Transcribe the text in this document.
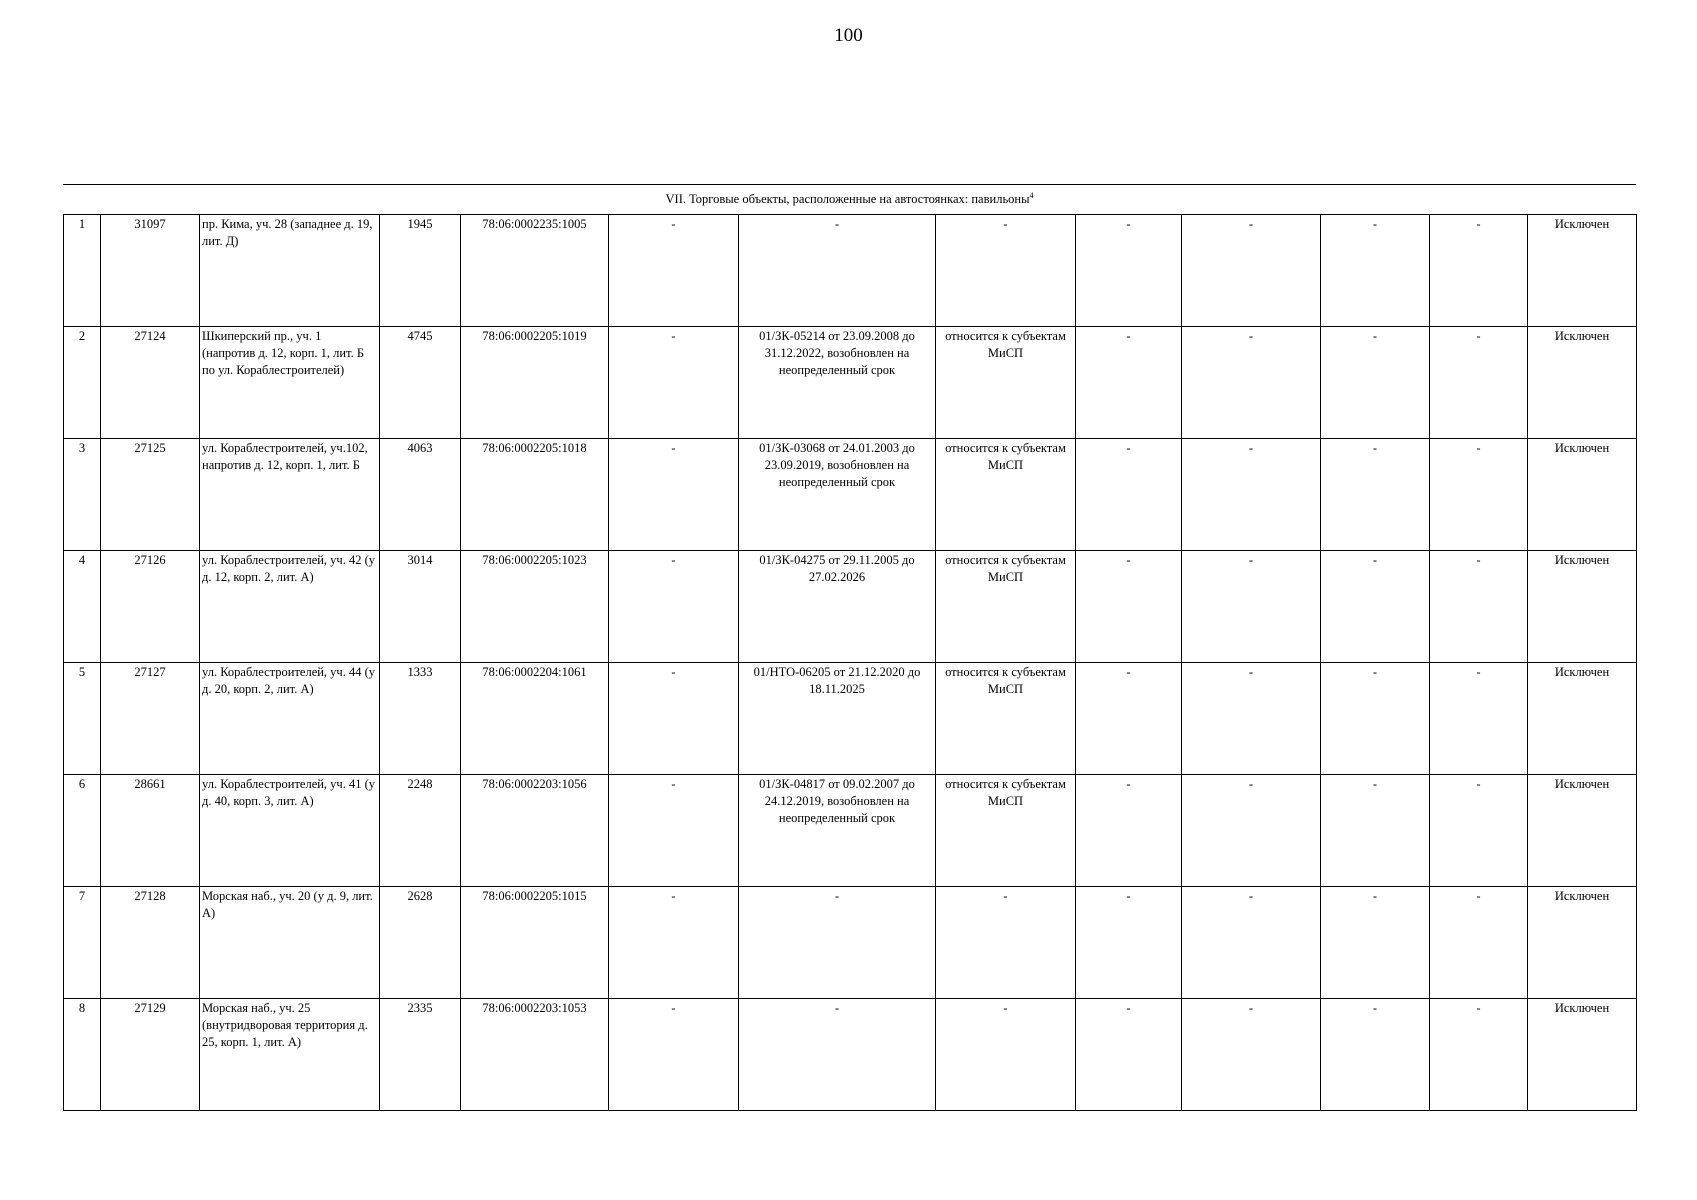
100
VII. Торговые объекты, расположенные на автостоянках: павильоны$^4$
1	31097	пр. Кима, уч. 28 (западнее д. 19, лит. Д)	1945	78:06:0002235:1005	-	-	-	-	-	-	-	Исключен
2	27124	Шкиперский пр., уч. 1 (напротив д. 12, корп. 1, лит. Б по ул. Кораблестроителей)	4745	78:06:0002205:1019	-	01/ЗК-05214 от 23.09.2008 до 31.12.2022, возобновлен на неопределенный срок	относится к субъектам МиСП	-	-	-	-	Исключен
3	27125	ул. Кораблестроителей, уч.102, напротив д. 12, корп. 1, лит. Б	4063	78:06:0002205:1018	-	01/ЗК-03068 от 24.01.2003 до 23.09.2019, возобновлен на неопределенный срок	относится к субъектам МиСП	-	-	-	-	Исключен
4	27126	ул. Кораблестроителей, уч. 42 (у д. 12, корп. 2, лит. А)	3014	78:06:0002205:1023	-	01/ЗК-04275 от 29.11.2005 до 27.02.2026	относится к субъектам МиСП	-	-	-	-	Исключен
5	27127	ул. Кораблестроителей, уч. 44 (у д. 20, корп. 2, лит. А)	1333	78:06:0002204:1061	-	01/НТО-06205 от 21.12.2020 до 18.11.2025	относится к субъектам МиСП	-	-	-	-	Исключен
6	28661	ул. Кораблестроителей, уч. 41 (у д. 40, корп. 3, лит. А)	2248	78:06:0002203:1056	-	01/ЗК-04817 от 09.02.2007 до 24.12.2019, возобновлен на неопределенный срок	относится к субъектам МиСП	-	-	-	-	Исключен
7	27128	Морская наб., уч. 20 (у д. 9, лит. А)	2628	78:06:0002205:1015	-	-	-	-	-	-	-	Исключен
8	27129	Морская наб., уч. 25 (внутридворовая территория д. 25, корп. 1, лит. А)	2335	78:06:0002203:1053	-	-	-	-	-	-	-	Исключен
